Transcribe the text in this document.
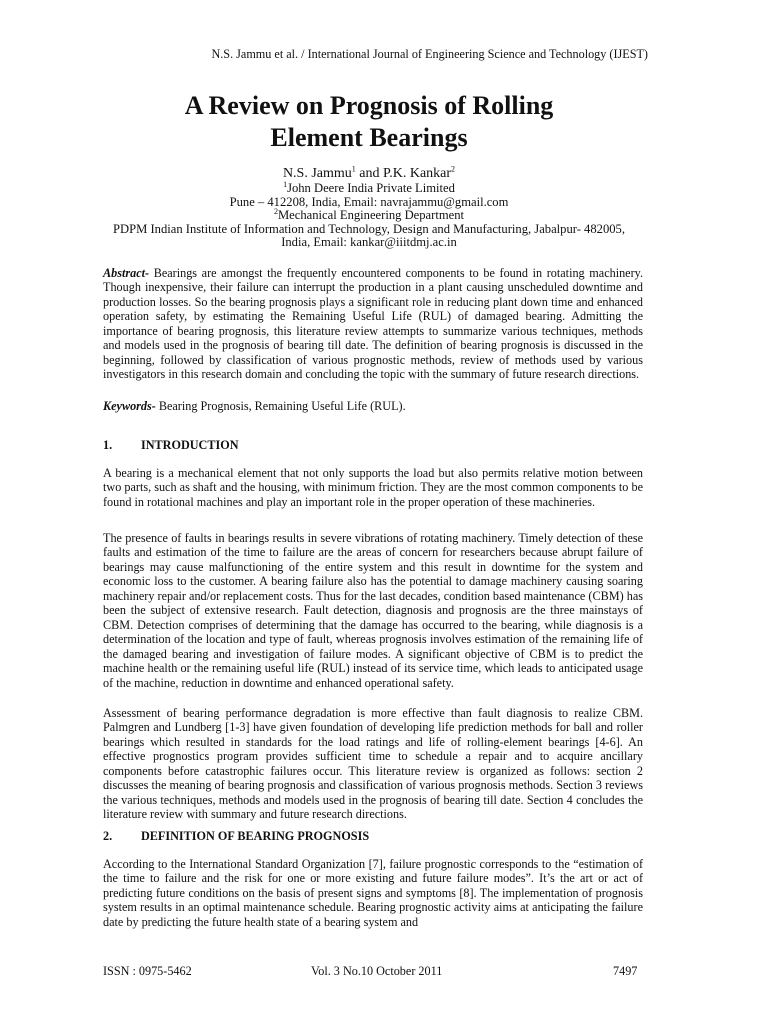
N.S. Jammu et al. / International Journal of Engineering Science and Technology (IJEST)
A Review on Prognosis of Rolling
Element Bearings
N.S. Jammu$^1$ and P.K. Kankar$^2$
$^1$John Deere India Private Limited
Pune – 412208, India, Email: navrajammu@gmail.com
$^2$Mechanical Engineering Department
PDPM Indian Institute of Information and Technology, Design and Manufacturing, Jabalpur- 482005,
India, Email: kankar@iiitdmj.ac.in
Abstract- Bearings are amongst the frequently encountered components to be found in rotating machinery. Though inexpensive, their failure can interrupt the production in a plant causing unscheduled downtime and production losses. So the bearing prognosis plays a significant role in reducing plant down time and enhanced operation safety, by estimating the Remaining Useful Life (RUL) of damaged bearing. Admitting the importance of bearing prognosis, this literature review attempts to summarize various techniques, methods and models used in the prognosis of bearing till date. The definition of bearing prognosis is discussed in the beginning, followed by classification of various prognostic methods, review of methods used by various investigators in this research domain and concluding the topic with the summary of future research directions.
Keywords- Bearing Prognosis, Remaining Useful Life (RUL).
1. INTRODUCTION
A bearing is a mechanical element that not only supports the load but also permits relative motion between two parts, such as shaft and the housing, with minimum friction. They are the most common components to be found in rotational machines and play an important role in the proper operation of these machineries.
The presence of faults in bearings results in severe vibrations of rotating machinery. Timely detection of these faults and estimation of the time to failure are the areas of concern for researchers because abrupt failure of bearings may cause malfunctioning of the entire system and this result in downtime for the system and economic loss to the customer. A bearing failure also has the potential to damage machinery causing soaring machinery repair and/or replacement costs. Thus for the last decades, condition based maintenance (CBM) has been the subject of extensive research. Fault detection, diagnosis and prognosis are the three mainstays of CBM. Detection comprises of determining that the damage has occurred to the bearing, while diagnosis is a determination of the location and type of fault, whereas prognosis involves estimation of the remaining life of the damaged bearing and investigation of failure modes. A significant objective of CBM is to predict the machine health or the remaining useful life (RUL) instead of its service time, which leads to anticipated usage of the machine, reduction in downtime and enhanced operational safety.
Assessment of bearing performance degradation is more effective than fault diagnosis to realize CBM. Palmgren and Lundberg [1-3] have given foundation of developing life prediction methods for ball and roller bearings which resulted in standards for the load ratings and life of rolling-element bearings [4-6]. An effective prognostics program provides sufficient time to schedule a repair and to acquire ancillary components before catastrophic failures occur. This literature review is organized as follows: section 2 discusses the meaning of bearing prognosis and classification of various prognosis methods. Section 3 reviews the various techniques, methods and models used in the prognosis of bearing till date. Section 4 concludes the literature review with summary and future research directions.
2. DEFINITION OF BEARING PROGNOSIS
According to the International Standard Organization [7], failure prognostic corresponds to the “estimation of the time to failure and the risk for one or more existing and future failure modes”. It’s the art or act of predicting future conditions on the basis of present signs and symptoms [8]. The implementation of prognosis system results in an optimal maintenance schedule. Bearing prognostic activity aims at anticipating the failure date by predicting the future health state of a bearing system and
ISSN : 0975-5462	Vol. 3 No.10 October 2011	7497
